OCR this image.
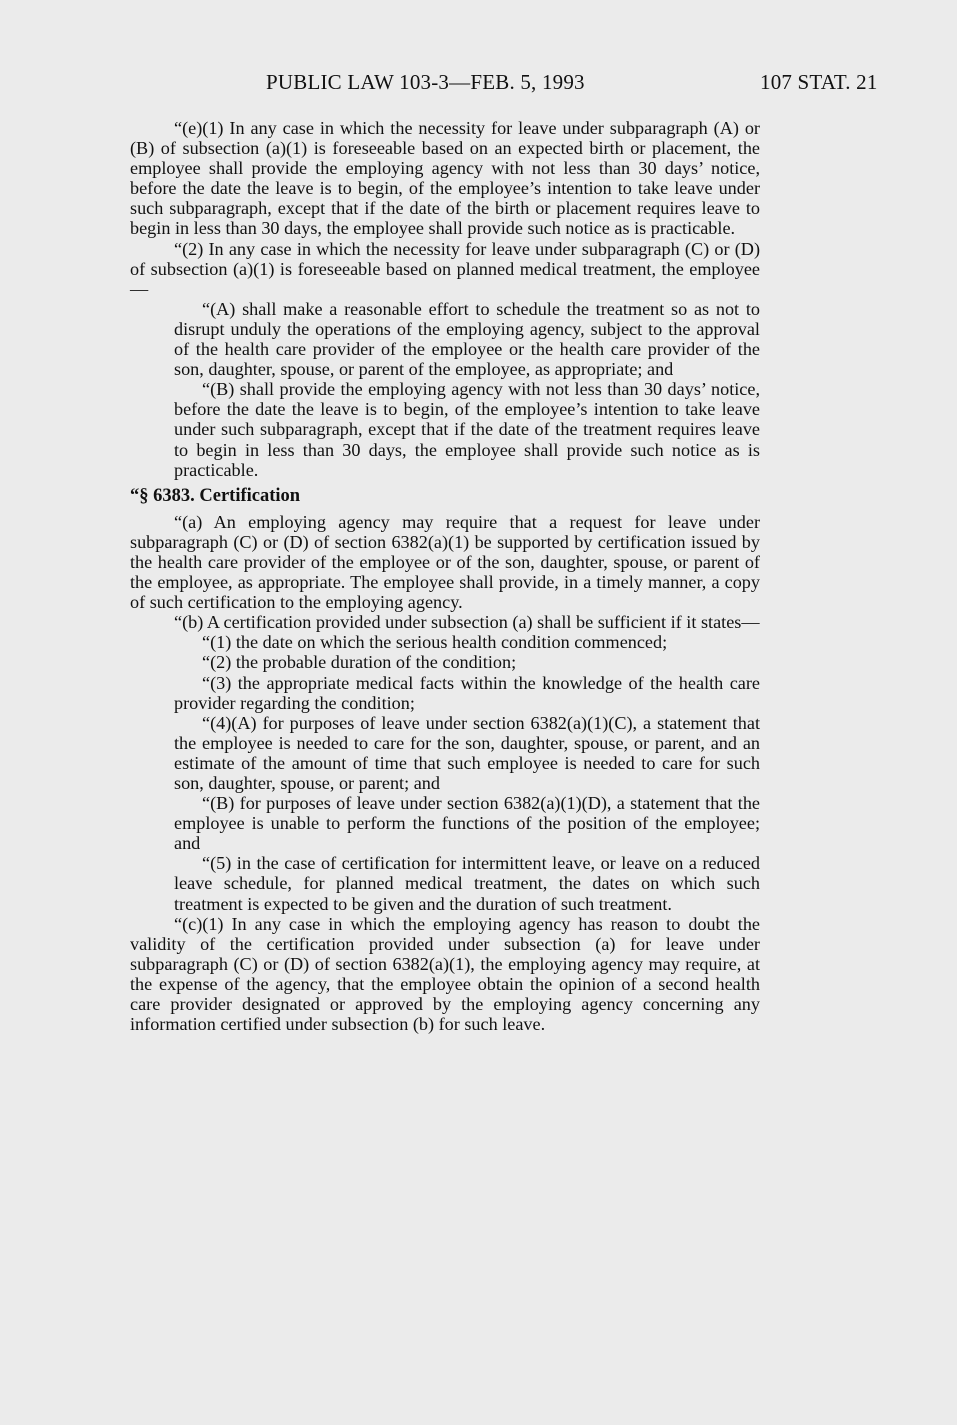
PUBLIC LAW 103-3—FEB. 5, 1993	107 STAT. 21

“(e)(1) In any case in which the necessity for leave under subparagraph (A) or (B) of subsection (a)(1) is foreseeable based on an expected birth or placement, the employee shall provide the employing agency with not less than 30 days’ notice, before the date the leave is to begin, of the employee’s intention to take leave under such subparagraph, except that if the date of the birth or placement requires leave to begin in less than 30 days, the employee shall provide such notice as is practicable.

“(2) In any case in which the necessity for leave under subparagraph (C) or (D) of subsection (a)(1) is foreseeable based on planned medical treatment, the employee—

“(A) shall make a reasonable effort to schedule the treatment so as not to disrupt unduly the operations of the employing agency, subject to the approval of the health care provider of the employee or the health care provider of the son, daughter, spouse, or parent of the employee, as appropriate; and

“(B) shall provide the employing agency with not less than 30 days’ notice, before the date the leave is to begin, of the employee’s intention to take leave under such subparagraph, except that if the date of the treatment requires leave to begin in less than 30 days, the employee shall provide such notice as is practicable.

“§ 6383. Certification

“(a) An employing agency may require that a request for leave under subparagraph (C) or (D) of section 6382(a)(1) be supported by certification issued by the health care provider of the employee or of the son, daughter, spouse, or parent of the employee, as appropriate. The employee shall provide, in a timely manner, a copy of such certification to the employing agency.

“(b) A certification provided under subsection (a) shall be sufficient if it states—

“(1) the date on which the serious health condition commenced;

“(2) the probable duration of the condition;

“(3) the appropriate medical facts within the knowledge of the health care provider regarding the condition;

“(4)(A) for purposes of leave under section 6382(a)(1)(C), a statement that the employee is needed to care for the son, daughter, spouse, or parent, and an estimate of the amount of time that such employee is needed to care for such son, daughter, spouse, or parent; and

“(B) for purposes of leave under section 6382(a)(1)(D), a statement that the employee is unable to perform the functions of the position of the employee; and

“(5) in the case of certification for intermittent leave, or leave on a reduced leave schedule, for planned medical treatment, the dates on which such treatment is expected to be given and the duration of such treatment.

“(c)(1) In any case in which the employing agency has reason to doubt the validity of the certification provided under subsection (a) for leave under subparagraph (C) or (D) of section 6382(a)(1), the employing agency may require, at the expense of the agency, that the employee obtain the opinion of a second health care provider designated or approved by the employing agency concerning any information certified under subsection (b) for such leave.
